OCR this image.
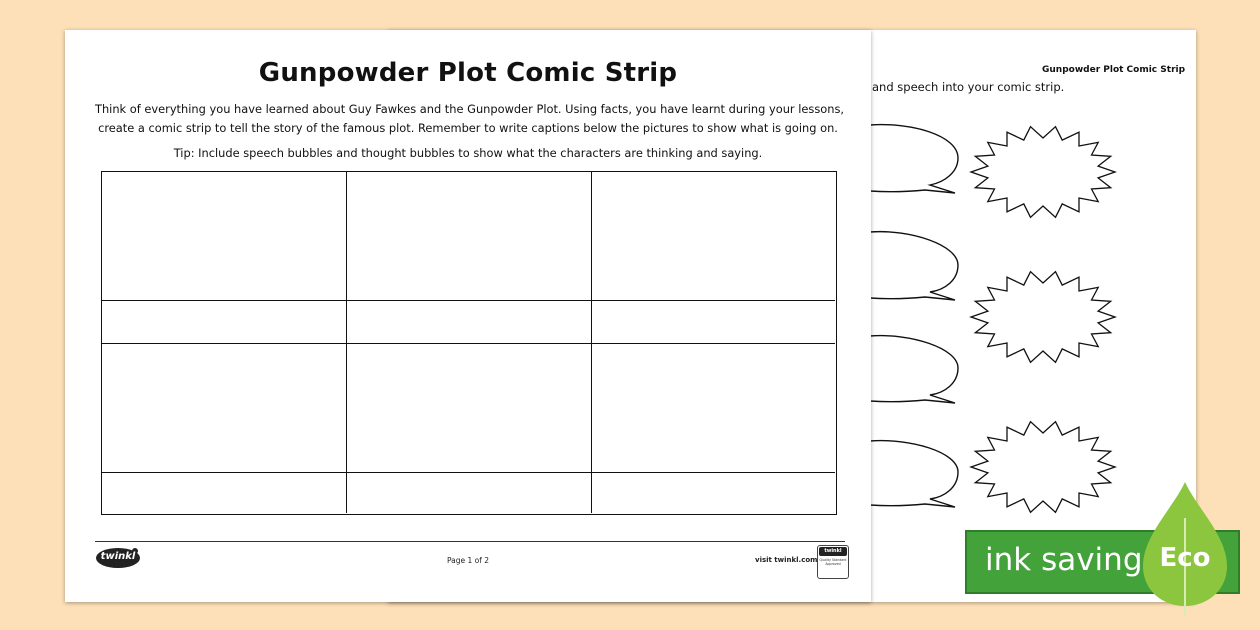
Gunpowder Plot Comic Strip
and speech into your comic strip.
Gunpowder Plot Comic Strip

Think of everything you have learned about Guy Fawkes and the Gunpowder Plot. Using facts, you have learnt during your lessons,

create a comic strip to tell the story of the famous plot. Remember to write captions below the pictures to show what is going on.

Tip: Include speech bubbles and thought bubbles to show what the characters are thinking and saying.
twinkl	Page 1 of 2	visit twinkl.com
twinkl
Quality Standard Approved	ink saving Eco
